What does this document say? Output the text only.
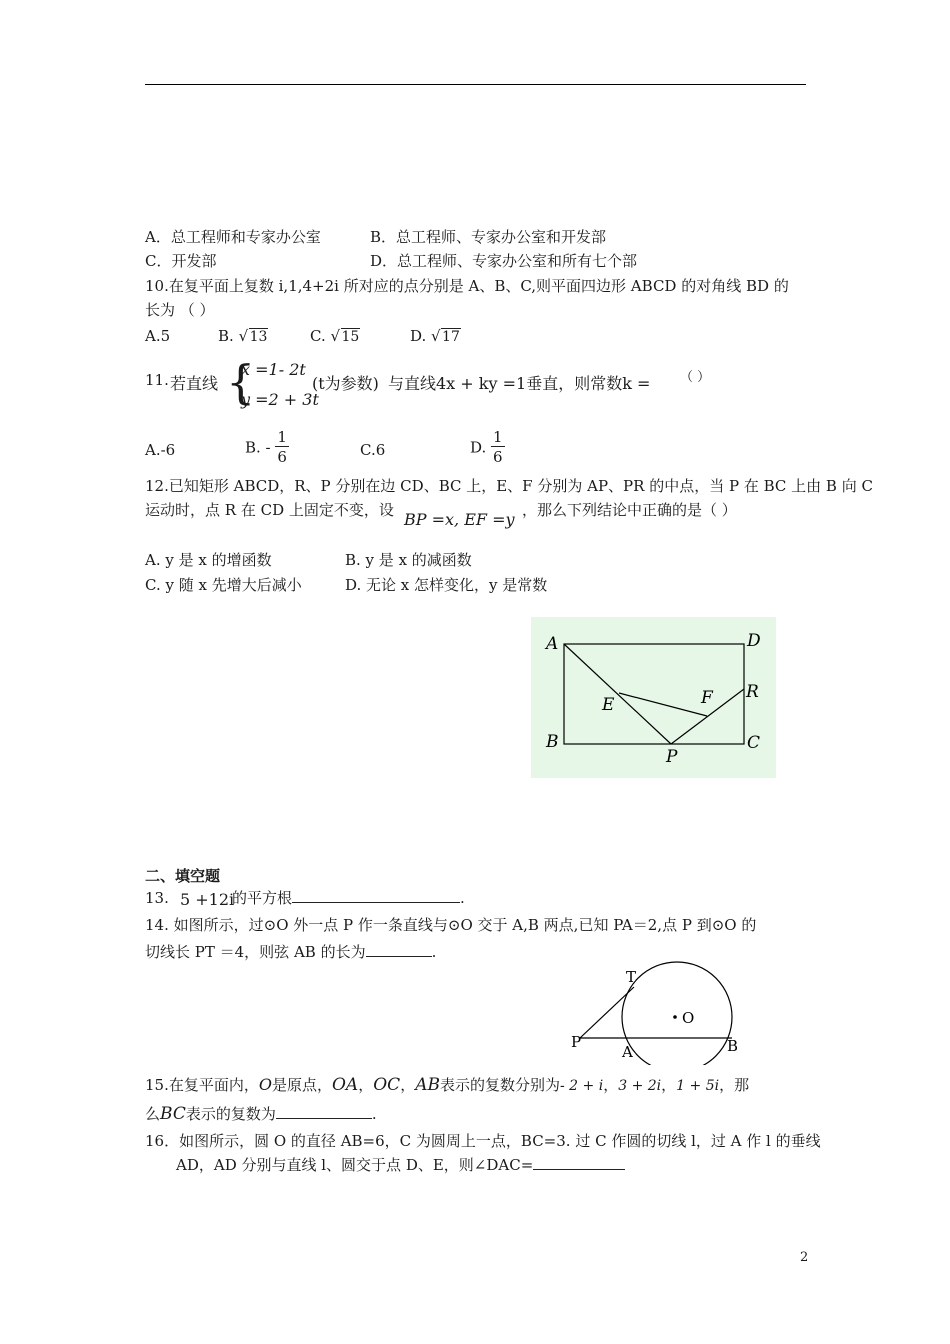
A．总工程师和专家办公室	B．总工程师、专家办公室和开发部
C．开发部	D．总工程师、专家办公室和所有七个部
10.在复平面上复数 i,1,4+2i 所对应的点分别是 A、B、C,则平面四边形 ABCD 的对角线 BD 的
长为 （ ）
A.5	B. √ 13	C. √ 15	D. √ 17
11. 若直线 {
x =1- 2t
y =2 + 3t
(t为参数) 与直线4x + ky =1垂直，则常数k = （ ）
A.-6	B. - $\frac{1}{6}$	C.6	D. $\frac{1}{6}$
12.已知矩形 ABCD，R、P 分别在边 CD、BC 上，E、F 分别为 AP、PR 的中点，当 P 在 BC 上由 B 向 C
运动时，点 R 在 CD 上固定不变，设 BP =x, EF =y ，那么下列结论中正确的是（ ）
A. y 是 x 的增函数	B. y 是 x 的减函数
C. y 随 x 先增大后减小	D. 无论 x 怎样变化，y 是常数
A	D
E	F R
B
P
C
二、填空题
13. 5 +12i
的平方根	.
14. 如图所示，过⊙O 外一点 P 作一条直线与⊙O 交于 A,B 两点,已知 PA＝2,点 P 到⊙O 的
切线长 PT ＝4，则弦 AB 的长为	.
T
O
P
A	B
15.在复平面内，O是原点，OA，OC，AB表示的复数分别为- 2 + i，3 + 2i，1 + 5i，那
么BC表示的复数为	.
16．如图所示，圆 O 的直径 AB=6，C 为圆周上一点，BC=3. 过 C 作圆的切线 l，过 A 作 l 的垂线
AD，AD 分别与直线 l、圆交于点 D、E，则∠DAC=
2
